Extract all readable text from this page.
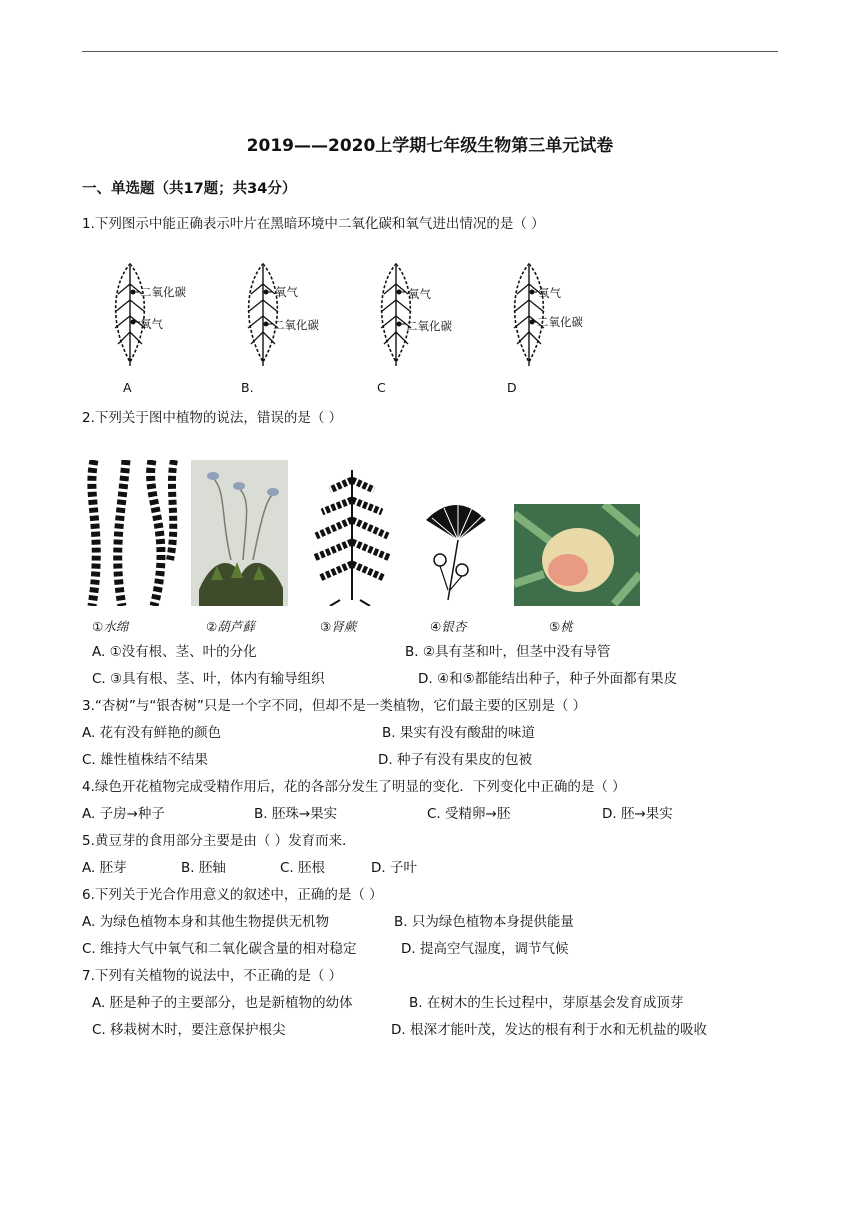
2019——2020上学期七年级生物第三单元试卷
一、单选题（共17题；共34分）
1.下列图示中能正确表示叶片在黑暗环境中二氧化碳和氧气进出情况的是（ ）
二氧化碳
氧气
氧气
二氧化碳
氧气
二氧化碳
氧气
二氧化碳
A	B.	C	D
2.下列关于图中植物的说法，错误的是（ ）
①水绵	②葫芦藓	③肾蕨	④银杏	⑤桃
A. ①没有根、茎、叶的分化	B. ②具有茎和叶，但茎中没有导管
C. ③具有根、茎、叶，体内有输导组织	D. ④和⑤都能结出种子，种子外面都有果皮
3.“杏树”与“银杏树”只是一个字不同，但却不是一类植物，它们最主要的区别是（ ）
A. 花有没有鲜艳的颜色	B. 果实有没有酸甜的味道
C. 雄性植株结不结果	D. 种子有没有果皮的包被
4.绿色开花植物完成受精作用后，花的各部分发生了明显的变化．下列变化中正确的是（ ）
A. 子房→种子	B. 胚珠→果实	C. 受精卵→胚	D. 胚→果实
5.黄豆芽的食用部分主要是由（ ）发育而来．
A. 胚芽	B. 胚轴	C. 胚根	D. 子叶
6.下列关于光合作用意义的叙述中，正确的是（ ）
A. 为绿色植物本身和其他生物提供无机物	B. 只为绿色植物本身提供能量
C. 维持大气中氧气和二氧化碳含量的相对稳定	D. 提高空气湿度，调节气候
7.下列有关植物的说法中，不正确的是（ ）
A. 胚是种子的主要部分，也是新植物的幼体	B. 在树木的生长过程中，芽原基会发育成顶芽
C. 移栽树木时，要注意保护根尖	D. 根深才能叶茂，发达的根有利于水和无机盐的吸收
